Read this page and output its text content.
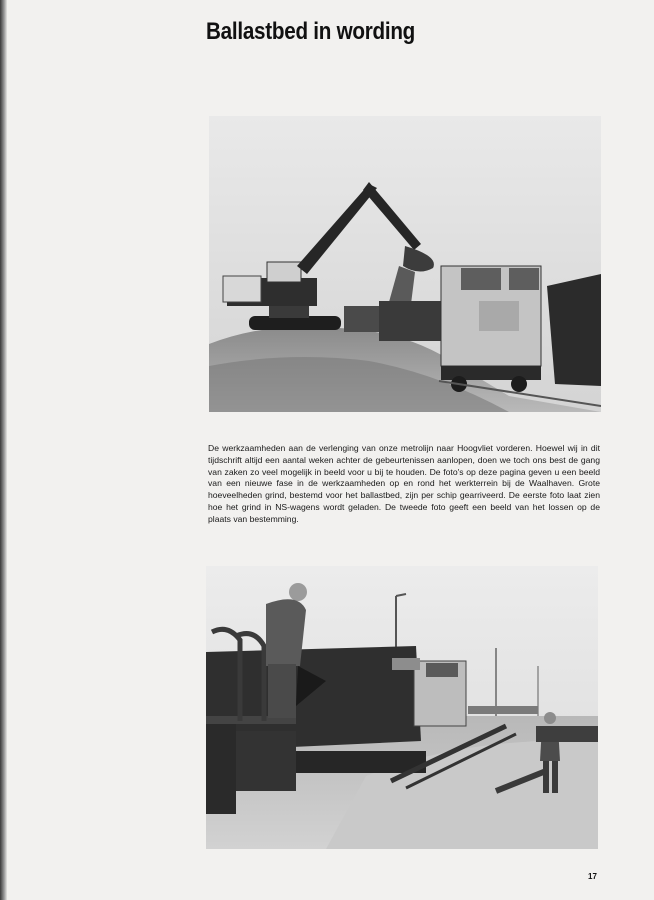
Ballastbed in wording

De werkzaamheden aan de verlenging van onze metrolijn naar Hoogvliet vorderen. Hoewel wij in dit tijdschrift altijd een aantal weken achter de gebeurtenissen aanlopen, doen we toch ons best de gang van zaken zo veel mogelijk in beeld voor u bij te houden. De foto's op deze pagina geven u een beeld van een nieuwe fase in de werkzaamheden op en rond het werkterrein bij de Waalhaven. Grote hoeveelheden grind, bestemd voor het ballastbed, zijn per schip gearriveerd. De eerste foto laat zien hoe het grind in NS-wagens wordt geladen. De tweede foto geeft een beeld van het lossen op de plaats van bestemming.

17
